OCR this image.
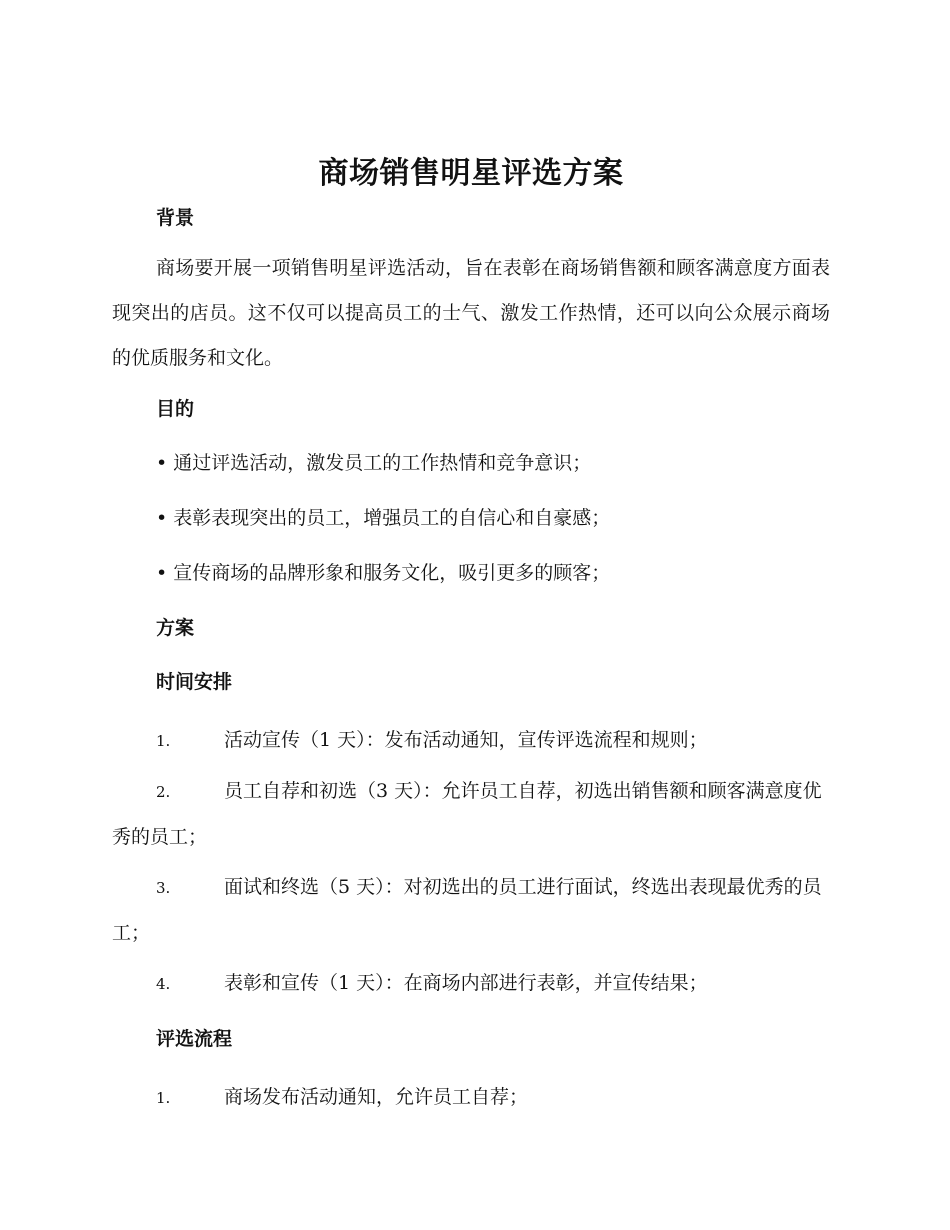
商场销售明星评选方案
背景

商场要开展一项销售明星评选活动，旨在表彰在商场销售额和顾客满意度方面表现突出的店员。这不仅可以提高员工的士气、激发工作热情，还可以向公众展示商场的优质服务和文化。

目的
• 通过评选活动，激发员工的工作热情和竞争意识；
• 表彰表现突出的员工，增强员工的自信心和自豪感；
• 宣传商场的品牌形象和服务文化，吸引更多的顾客；
方案
时间安排

1.	活动宣传（1 天）：发布活动通知，宣传评选流程和规则；

2.	员工自荐和初选（3 天）：允许员工自荐，初选出销售额和顾客满意度优秀的员工；

3.	面试和终选（5 天）：对初选出的员工进行面试，终选出表现最优秀的员工；

4.	表彰和宣传（1 天）：在商场内部进行表彰，并宣传结果；

评选流程

1.	商场发布活动通知，允许员工自荐；
